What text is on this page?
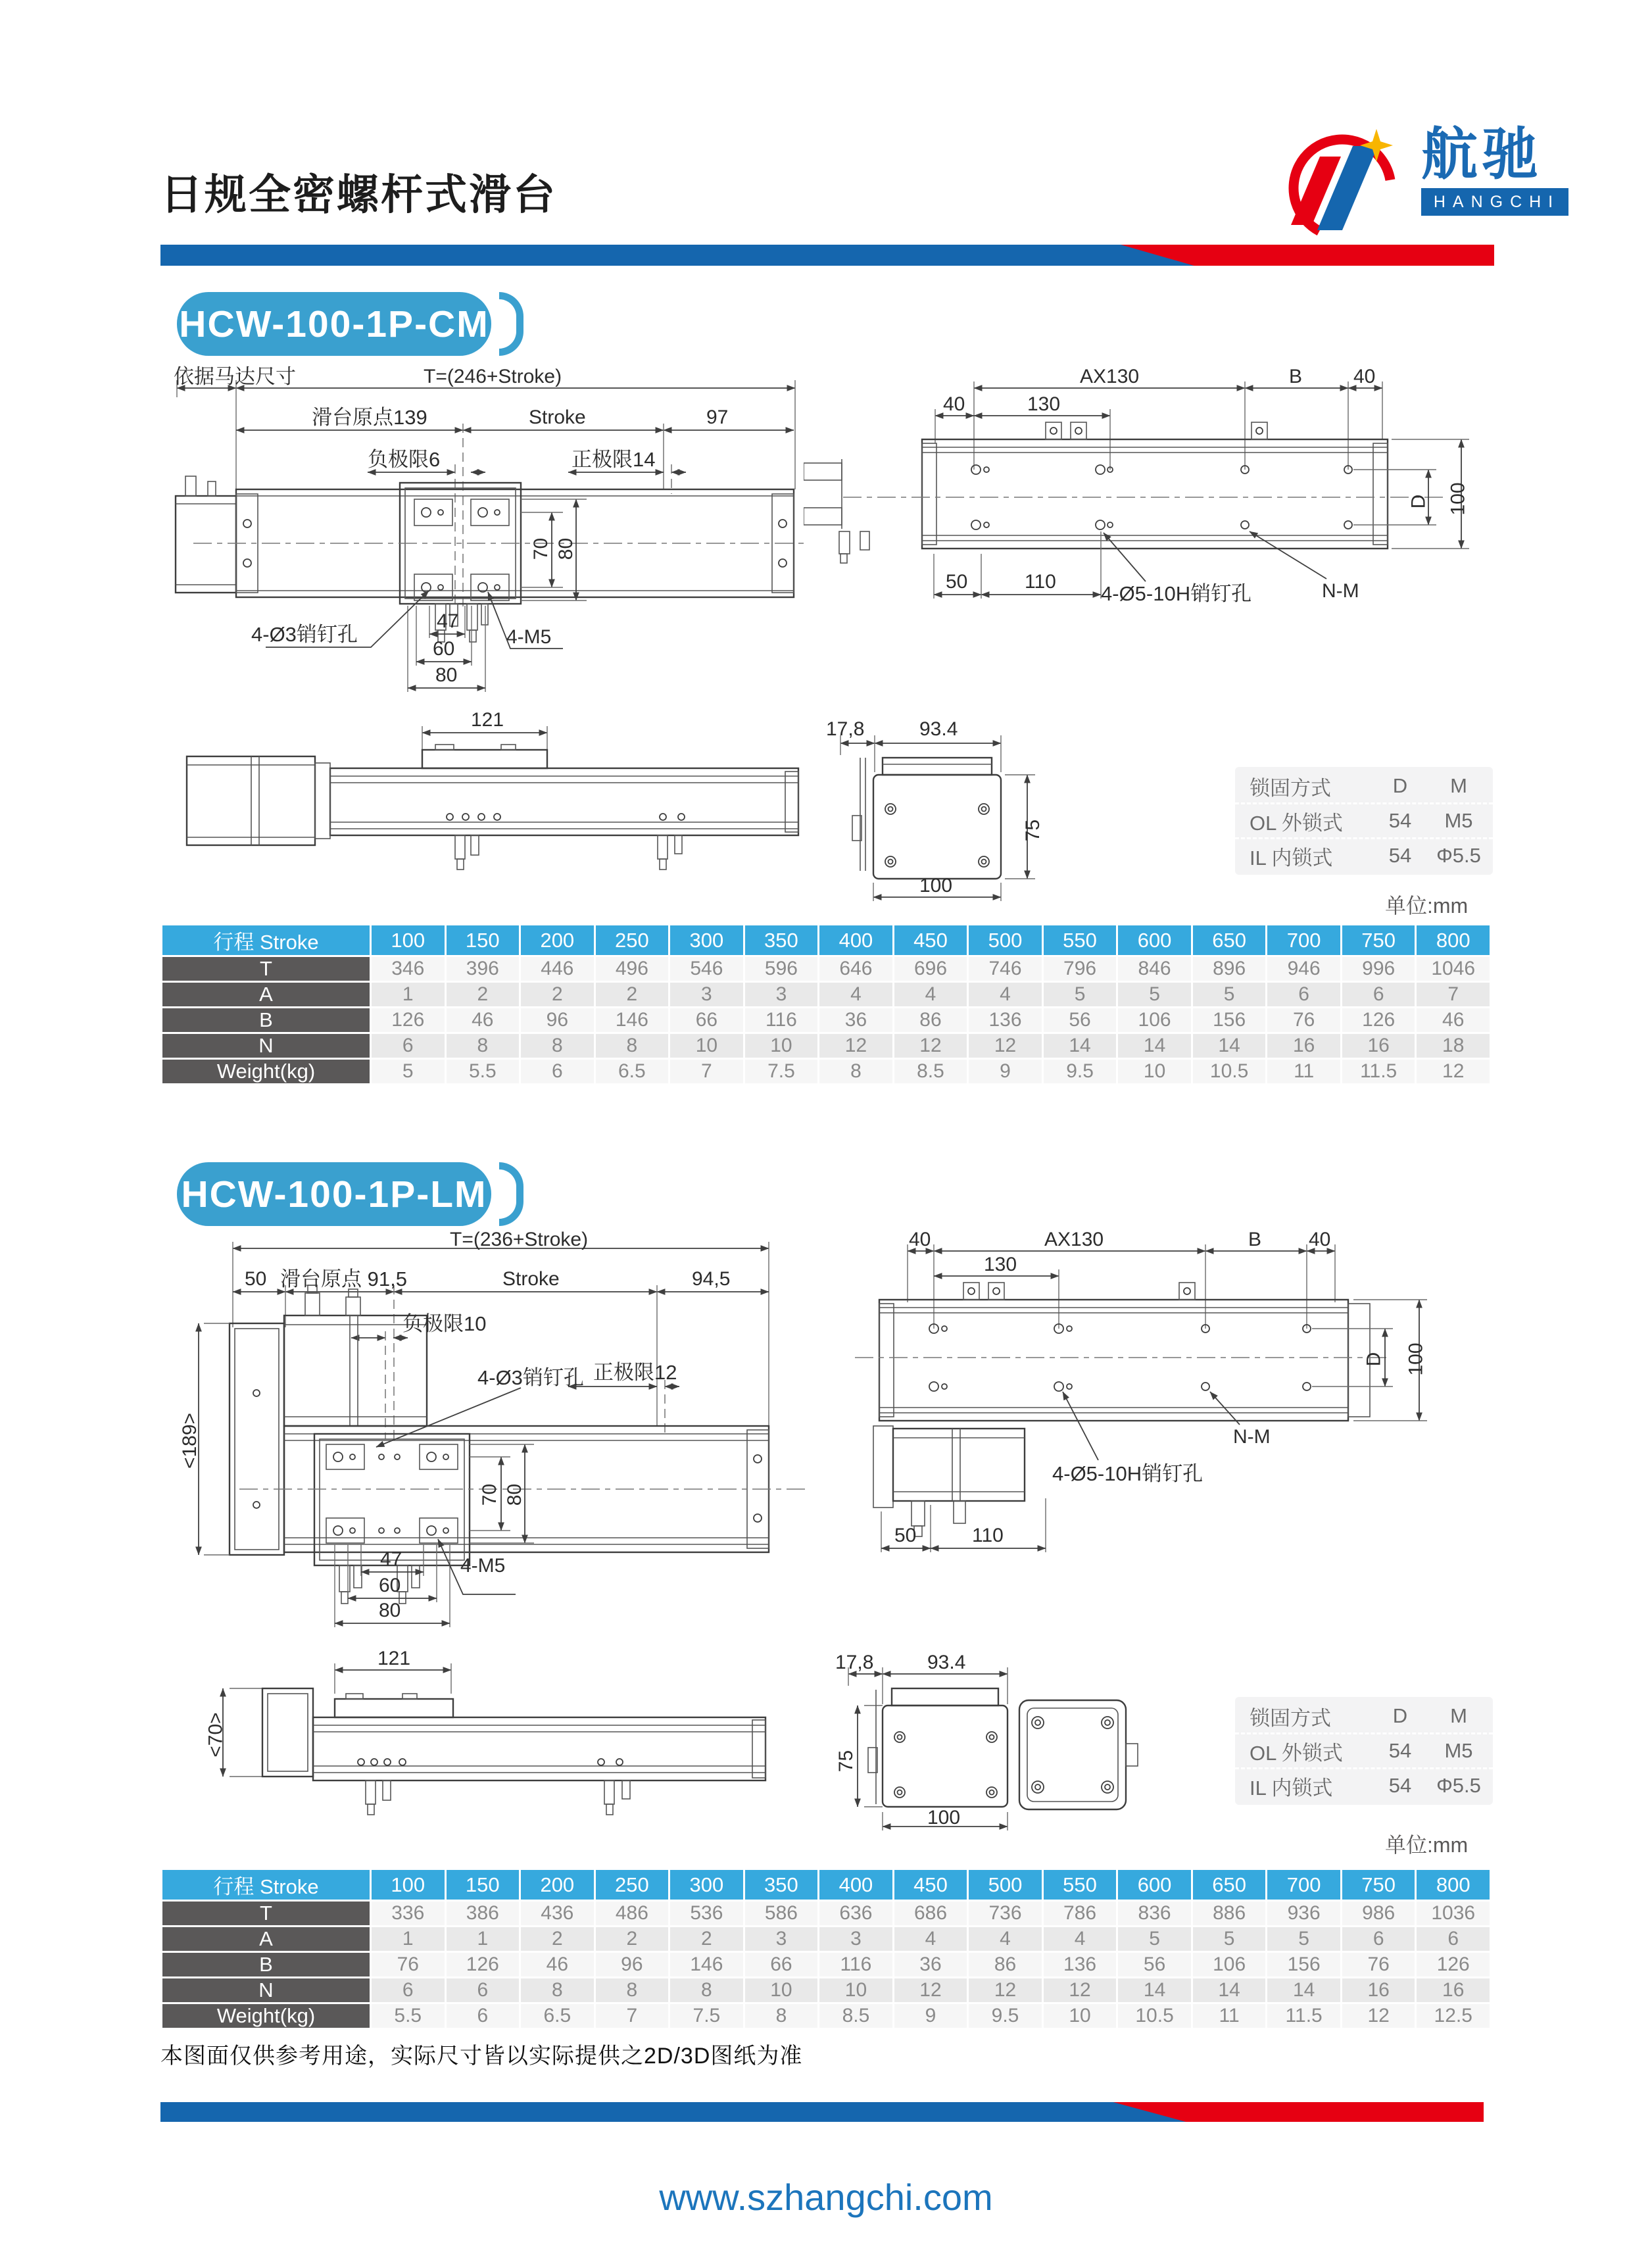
日规全密螺杆式滑台
航驰
HANGCHI
HCW-100-1P-CM
依据马达尺寸	T=(246+Stroke)
滑台原点139	Stroke	97
负极限6	正极限14
70 80
4-Ø3销钉孔	4-M5
47
60
80
AX130	B	40
40	130
D 100
50	110
4-Ø5-10H销钉孔	N-M
121	17,8	93.4
75
100
锁固方式	D	M
OL 外锁式	54	M5
IL 内锁式	54	Φ5.5
单位:mm
行程 Stroke	100	150	200	250	300	350	400	450	500	550	600	650	700	750	800
T	346	396	446	496	546	596	646	696	746	796	846	896	946	996	1046
A	1	2	2	2	3	3	4	4	4	5	5	5	6	6	7
B	126	46	96	146	66	116	36	86	136	56	106	156	76	126	46
N	6	8	8	8	10	10	12	12	12	14	14	14	16	16	18
Weight(kg)	5	5.5	6	6.5	7	7.5	8	8.5	9	9.5	10	10.5	11	11.5	12
HCW-100-1P-LM
T=(236+Stroke)
50 滑台原点 91,5	Stroke	94,5
负极限10
正极限12
<189>
4-Ø3销钉孔
70 80
47
60
80
4-M5
40	AX130	B 40
130
D 100
N-M
4-Ø5-10H销钉孔
50	110
121
<70>
17,8	93.4
75
100
锁固方式	D	M
OL 外锁式	54	M5
IL 内锁式	54	Φ5.5
单位:mm
行程 Stroke	100	150	200	250	300	350	400	450	500	550	600	650	700	750	800
T	336	386	436	486	536	586	636	686	736	786	836	886	936	986	1036
A	1	1	2	2	2	3	3	4	4	4	5	5	5	6	6
B	76	126	46	96	146	66	116	36	86	136	56	106	156	76	126
N	6	6	8	8	8	10	10	12	12	12	14	14	14	16	16
Weight(kg)	5.5	6	6.5	7	7.5	8	8.5	9	9.5	10	10.5	11	11.5	12	12.5
本图面仅供参考用途，实际尺寸皆以实际提供之2D/3D图纸为准
www.szhangchi.com
